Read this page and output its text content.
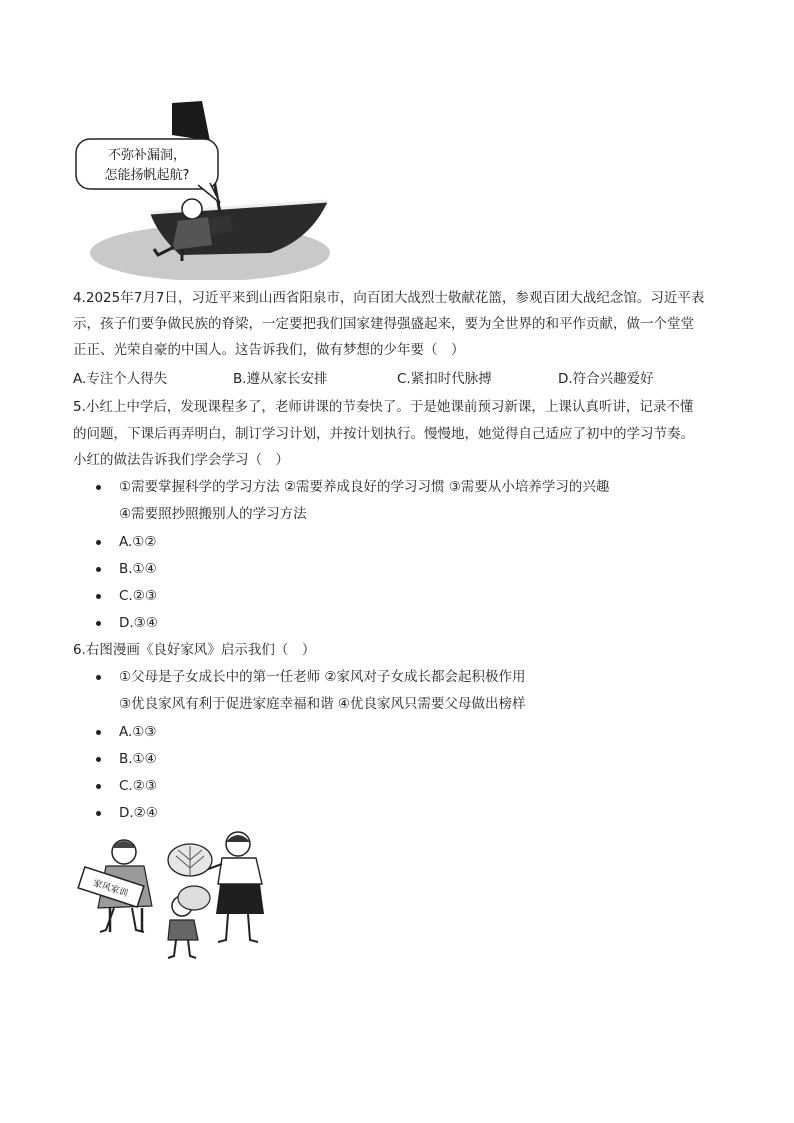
不弥补漏洞，
怎能扬帆起航?
4.2025年7月7日，习近平来到山西省阳泉市，向百团大战烈士敬献花篮，参观百团大战纪念馆。习近平表
示，孩子们要争做民族的脊梁，一定要把我们国家建得强盛起来，要为全世界的和平作贡献，做一个堂堂
正正、光荣自豪的中国人。这告诉我们，做有梦想的少年要（　）
A.专注个人得失	B.遵从家长安排	C.紧扣时代脉搏	D.符合兴趣爱好
5.小红上中学后，发现课程多了，老师讲课的节奏快了。于是她课前预习新课，上课认真听讲，记录不懂
的问题，下课后再弄明白，制订学习计划，并按计划执行。慢慢地，她觉得自己适应了初中的学习节奏。
小红的做法告诉我们学会学习（　）
①需要掌握科学的学习方法 ②需要养成良好的学习习惯 ③需要从小培养学习的兴趣
④需要照抄照搬别人的学习方法
A.①②
B.①④
C.②③
D.③④
6.右图漫画《良好家风》启示我们（　）
①父母是子女成长中的第一任老师 ②家风对子女成长都会起积极作用
③优良家风有利于促进家庭幸福和谐 ④优良家风只需要父母做出榜样
A.①③
B.①④
C.②③
D.②④
家风家训
